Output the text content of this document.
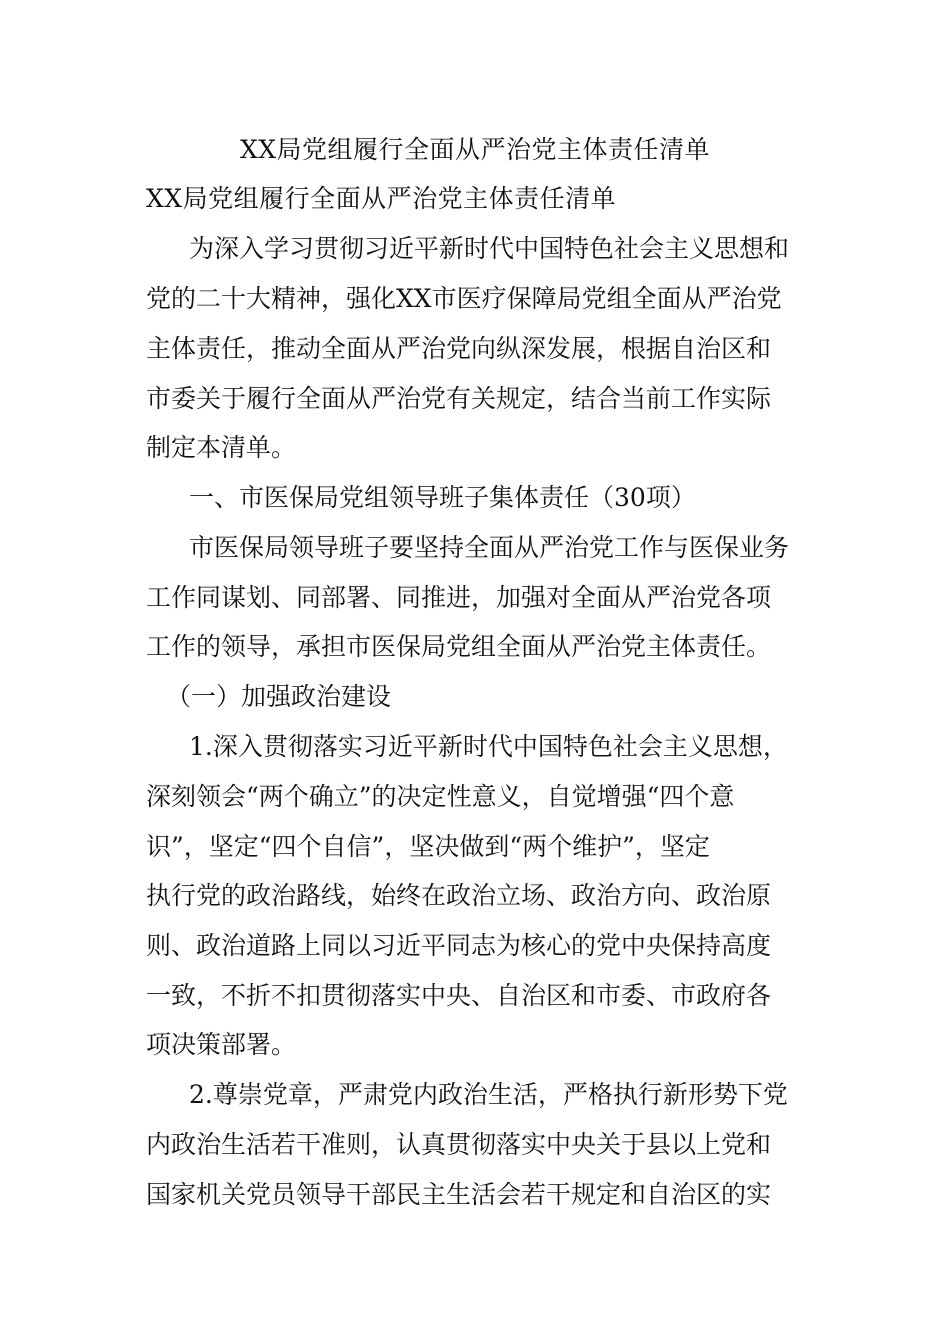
XX局党组履行全面从严治党主体责任清单
XX局党组履行全面从严治党主体责任清单
为深入学习贯彻习近平新时代中国特色社会主义思想和
党的二十大精神，强化XX市医疗保障局党组全面从严治党
主体责任，推动全面从严治党向纵深发展，根据自治区和
市委关于履行全面从严治党有关规定，结合当前工作实际
制定本清单。
一、市医保局党组领导班子集体责任（30项）
市医保局领导班子要坚持全面从严治党工作与医保业务
工作同谋划、同部署、同推进，加强对全面从严治党各项
工作的领导，承担市医保局党组全面从严治党主体责任。
（一）加强政治建设
1.深入贯彻落实习近平新时代中国特色社会主义思想，
深刻领会“两个确立”的决定性意义，自觉增强“四个意
识”，坚定“四个自信”，坚决做到“两个维护”，坚定
执行党的政治路线，始终在政治立场、政治方向、政治原
则、政治道路上同以习近平同志为核心的党中央保持高度
一致，不折不扣贯彻落实中央、自治区和市委、市政府各
项决策部署。
2.尊崇党章，严肃党内政治生活，严格执行新形势下党
内政治生活若干准则，认真贯彻落实中央关于县以上党和
国家机关党员领导干部民主生活会若干规定和自治区的实
